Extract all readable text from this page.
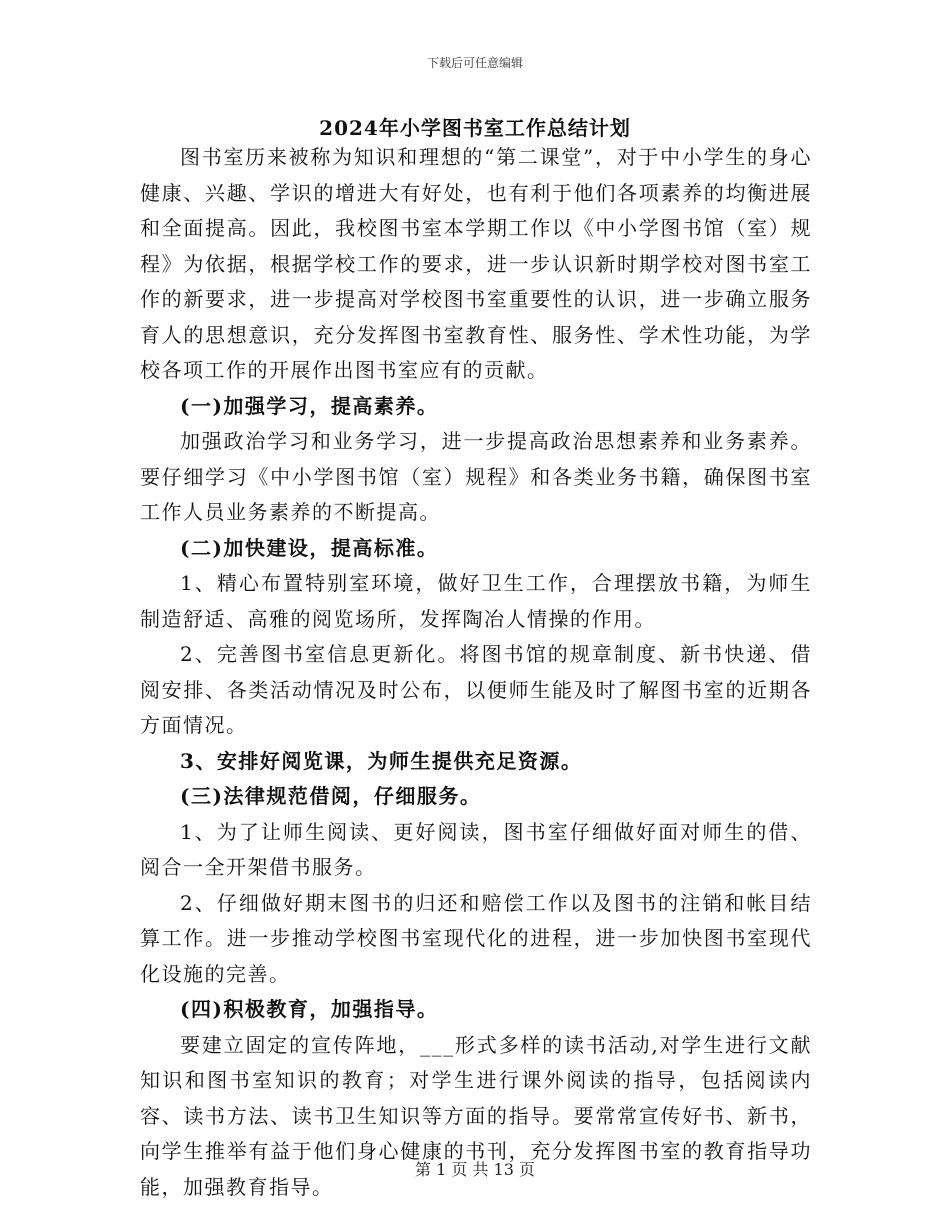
下载后可任意编辑
2024年小学图书室工作总结计划

图书室历来被称为知识和理想的“第二课堂”，对于中小学生的身心健康、兴趣、学识的增进大有好处，也有利于他们各项素养的均衡进展和全面提高。因此，我校图书室本学期工作以《中小学图书馆（室）规程》为依据，根据学校工作的要求，进一步认识新时期学校对图书室工作的新要求，进一步提高对学校图书室重要性的认识，进一步确立服务育人的思想意识，充分发挥图书室教育性、服务性、学术性功能，为学校各项工作的开展作出图书室应有的贡献。

(一)加强学习，提高素养。

加强政治学习和业务学习，进一步提高政治思想素养和业务素养。要仔细学习《中小学图书馆（室）规程》和各类业务书籍，确保图书室工作人员业务素养的不断提高。

(二)加快建设，提高标准。

1、精心布置特别室环境，做好卫生工作，合理摆放书籍，为师生制造舒适、高雅的阅览场所，发挥陶冶人情操的作用。

2、完善图书室信息更新化。将图书馆的规章制度、新书快递、借阅安排、各类活动情况及时公布，以便师生能及时了解图书室的近期各方面情况。

3、安排好阅览课，为师生提供充足资源。

(三)法律规范借阅，仔细服务。

1、为了让师生阅读、更好阅读，图书室仔细做好面对师生的借、阅合一全开架借书服务。

2、仔细做好期末图书的归还和赔偿工作以及图书的注销和帐目结算工作。进一步推动学校图书室现代化的进程，进一步加快图书室现代化设施的完善。

(四)积极教育，加强指导。

要建立固定的宣传阵地，___形式多样的读书活动,对学生进行文献知识和图书室知识的教育；对学生进行课外阅读的指导，包括阅读内容、读书方法、读书卫生知识等方面的指导。要常常宣传好书、新书，向学生推举有益于他们身心健康的书刊，充分发挥图书室的教育指导功能，加强教育指导。

第 1 页 共 13 页
